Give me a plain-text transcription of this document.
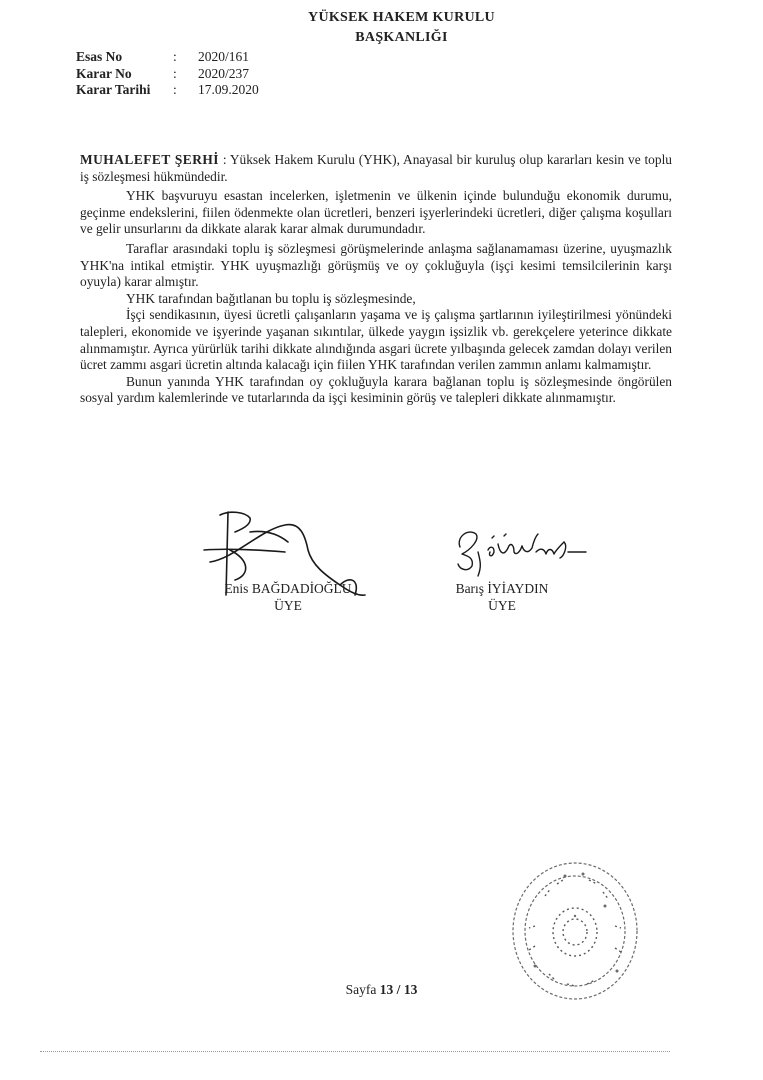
YÜKSEK HAKEM KURULU
BAŞKANLIĞI
Esas No	:	2020/161
Karar No	:	2020/237
Karar Tarihi	:	17.09.2020

MUHALEFET ŞERHİ : Yüksek Hakem Kurulu (YHK), Anayasal bir kuruluş olup kararları kesin ve toplu iş sözleşmesi hükmündedir.

YHK başvuruyu esastan incelerken, işletmenin ve ülkenin içinde bulunduğu ekonomik durumu, geçinme endekslerini, fiilen ödenmekte olan ücretleri, benzeri işyerlerindeki ücretleri, diğer çalışma koşulları ve gelir unsurlarını da dikkate alarak karar almak durumundadır.

Taraflar arasındaki toplu iş sözleşmesi görüşmelerinde anlaşma sağlanamaması üzerine, uyuşmazlık YHK'na intikal etmiştir. YHK uyuşmazlığı görüşmüş ve oy çokluğuyla (işçi kesimi temsilcilerinin karşı oyuyla) karar almıştır.

YHK tarafından bağıtlanan bu toplu iş sözleşmesinde,

İşçi sendikasının, üyesi ücretli çalışanların yaşama ve iş çalışma şartlarının iyileştirilmesi yönündeki talepleri, ekonomide ve işyerinde yaşanan sıkıntılar, ülkede yaygın işsizlik vb. gerekçelere yeterince dikkate alınmamıştır. Ayrıca yürürlük tarihi dikkate alındığında asgari ücrete yılbaşında gelecek zamdan dolayı verilen ücret zammı asgari ücretin altında kalacağı için fiilen YHK tarafından verilen zammın anlamı kalmamıştır.

Bunun yanında YHK tarafından oy çokluğuyla karara bağlanan toplu iş sözleşmesinde öngörülen sosyal yardım kalemlerinde ve tutarlarında da işçi kesiminin görüş ve talepleri dikkate alınmamıştır.

Enis BAĞDADİOĞLU
ÜYE
Barış İYİAYDIN
ÜYE
Sayfa 13 / 13
